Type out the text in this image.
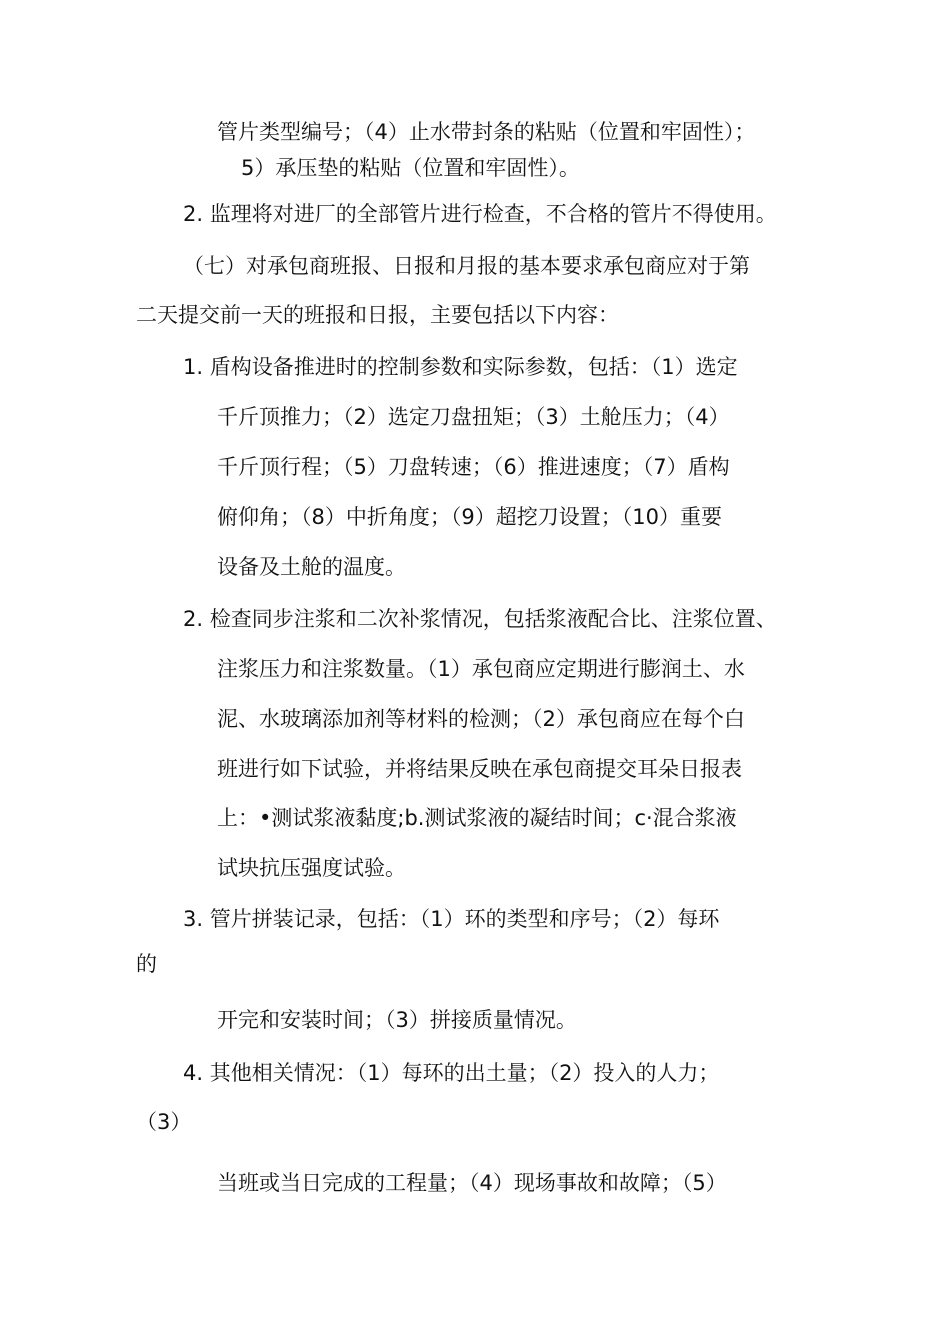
管片类型编号；（4）止水带封条的粘贴（位置和牢固性）；
5）承压垫的粘贴（位置和牢固性）。
2. 监理将对进厂的全部管片进行检查，不合格的管片不得使用。
（七）对承包商班报、日报和月报的基本要求承包商应对于第
二天提交前一天的班报和日报，主要包括以下内容：
1. 盾构设备推进时的控制参数和实际参数，包括：（1）选定
千斤顶推力；（2）选定刀盘扭矩；（3）土舱压力；（4）
千斤顶行程；（5）刀盘转速；（6）推进速度；（7）盾构
俯仰角；（8）中折角度；（9）超挖刀设置；（10）重要
设备及土舱的温度。
2. 检查同步注浆和二次补浆情况，包括浆液配合比、注浆位置、
注浆压力和注浆数量。（1）承包商应定期进行膨润土、水
泥、水玻璃添加剂等材料的检测；（2）承包商应在每个白
班进行如下试验，并将结果反映在承包商提交耳朵日报表
上：•测试浆液黏度;b.测试浆液的凝结时间；c·混合浆液
试块抗压强度试验。
3. 管片拼装记录，包括：（1）环的类型和序号；（2）每环
的
开完和安装时间；（3）拼接质量情况。
4. 其他相关情况：（1）每环的出土量；（2）投入的人力；
（3）
当班或当日完成的工程量；（4）现场事故和故障；（5）
